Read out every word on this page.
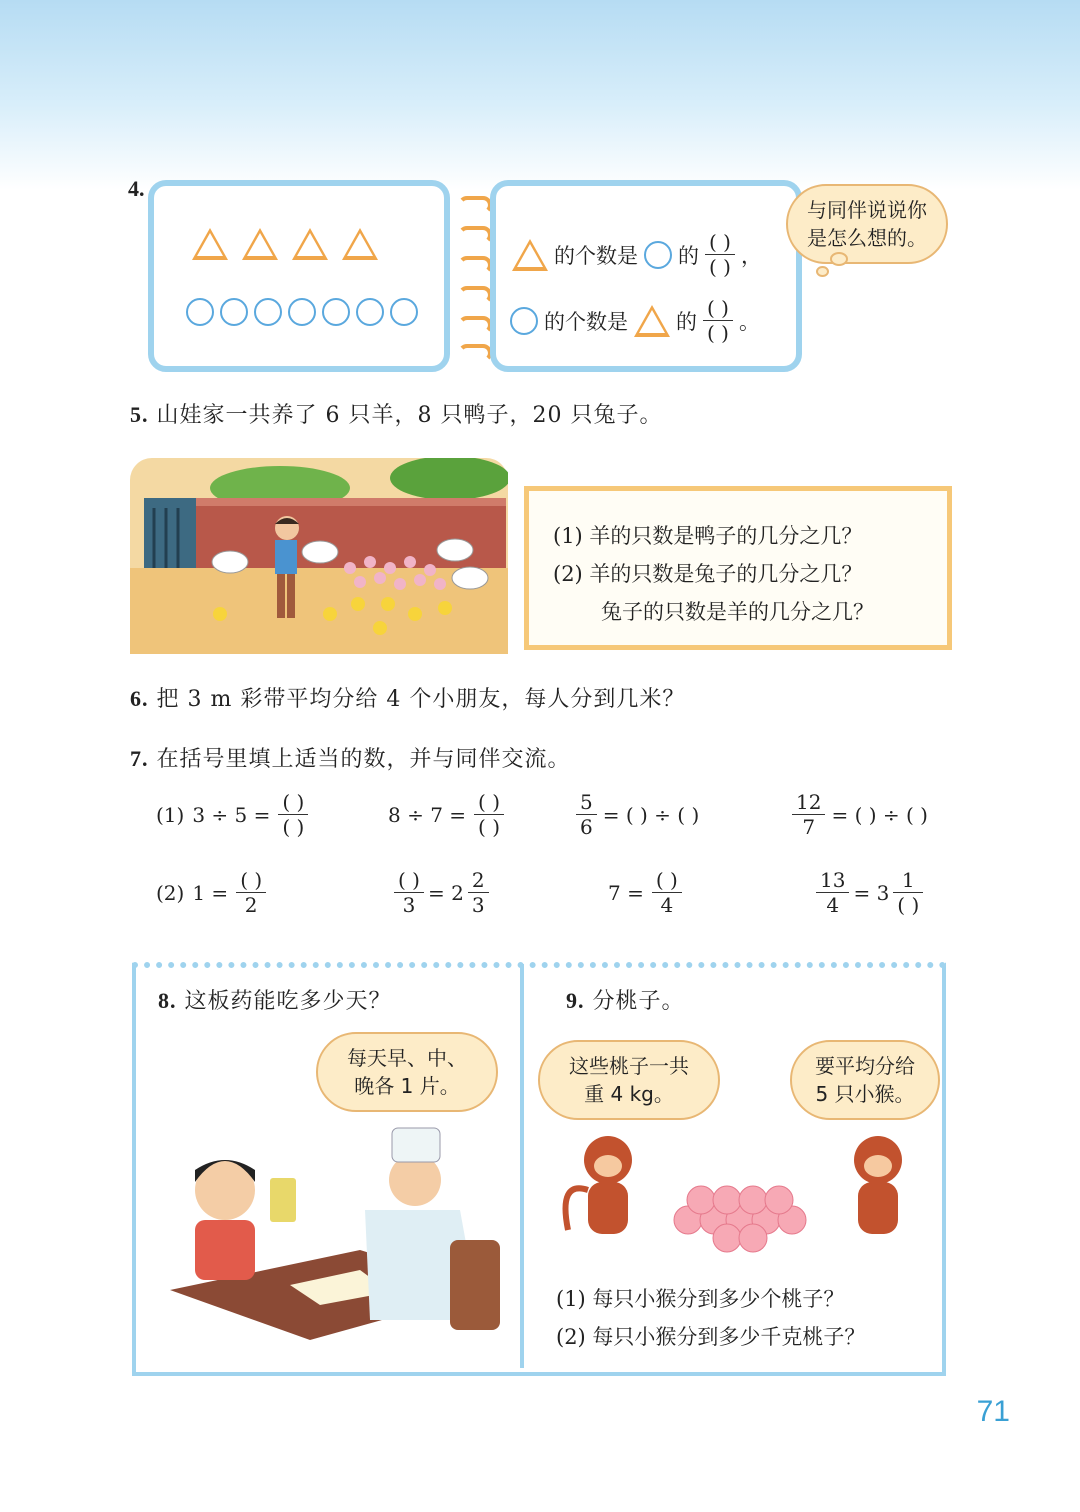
4.
的个数是 的 $\frac{( )}{( )}$ ，
的个数是 的 $\frac{( )}{( )}$ 。
与同伴说说你是怎么想的。
5. 山娃家一共养了 6 只羊，8 只鸭子，20 只兔子。
(1) 羊的只数是鸭子的几分之几？
(2) 羊的只数是兔子的几分之几？
兔子的只数是羊的几分之几？
6. 把 3 m 彩带平均分给 4 个小朋友，每人分到几米？
7. 在括号里填上适当的数，并与同伴交流。
(1) $3 \div 5 = \frac{( )}{( )}$	$8 \div 7 = \frac{( )}{( )}$	$\frac{5}{6}$ = ( ) ÷ ( )	$\frac{12}{7}$ = ( ) ÷ ( )
(2) $1 = \frac{( )}{2}$	$\frac{( )}{3} = 2 \frac{2}{3}$	$7 = \frac{( )}{4}$	$\frac{13}{4} = 3 \frac{1}{( )}$
8. 这板药能吃多少天？
每天早、中、
晚各 1 片。
9. 分桃子。
这些桃子一共
重 4 kg。
要平均分给
5 只小猴。
(1) 每只小猴分到多少个桃子？
(2) 每只小猴分到多少千克桃子？
71
